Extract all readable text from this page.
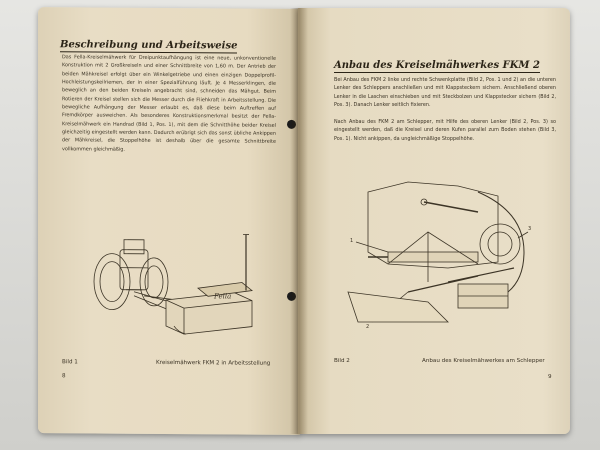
Beschreibung und Arbeitsweise
Das Fella-Kreiselmähwerk für Dreipunktaufhängung ist eine neue, unkonventionelle Konstruktion mit 2 Großkreiseln und einer Schnittbreite von 1,60 m. Der Antrieb der beiden Mähkreisel erfolgt über ein Winkelgetriebe und einen einzigen Doppelprofil-Hochleistungskeilriemen, der in einer Spezialführung läuft. Je 4 Messerklingen, die beweglich an den beiden Kreiseln angebracht sind, schneiden das Mähgut. Beim Rotieren der Kreisel stellen sich die Messer durch die Fliehkraft in Arbeitsstellung. Die bewegliche Aufhängung der Messer erlaubt es, daß diese beim Auftreffen auf Fremdkörper ausweichen. Als besonderes Konstruktionsmerkmal besitzt der Fella-Kreiselmähwerk ein Handrad (Bild 1, Pos. 1), mit dem die Schnitthöhe beider Kreisel gleichzeitig eingestellt werden kann. Dadurch erübrigt sich das sonst übliche Ankippen der Mähkreisel, die Stoppelhöhe ist deshalb über die gesamte Schnittbreite vollkommen gleichmäßig.
Fella
Bild 1	Kreiselmähwerk FKM 2 in Arbeitsstellung
8
Anbau des Kreiselmähwerkes FKM 2
Bei Anbau des FKM 2 linke und rechte Schwenkplatte (Bild 2, Pos. 1 und 2) an die unteren Lenker des Schleppers anschließen und mit Klappsteckern sichern. Anschließend oberen Lenker in die Laschen einschieben und mit Steckbolzen und Klappstecker sichern (Bild 2, Pos. 3). Danach Lenker seitlich fixieren.
Nach Anbau des FKM 2 am Schlepper, mit Hilfe des oberen Lenker (Bild 2, Pos. 3) so eingestellt werden, daß die Kreisel und deren Kufen parallel zum Boden stehen (Bild 3, Pos. 1). Nicht ankippen, da ungleichmäßige Stoppelhöhe.
1
2
3
Bild 2	Anbau des Kreiselmähwerkes am Schlepper
9
